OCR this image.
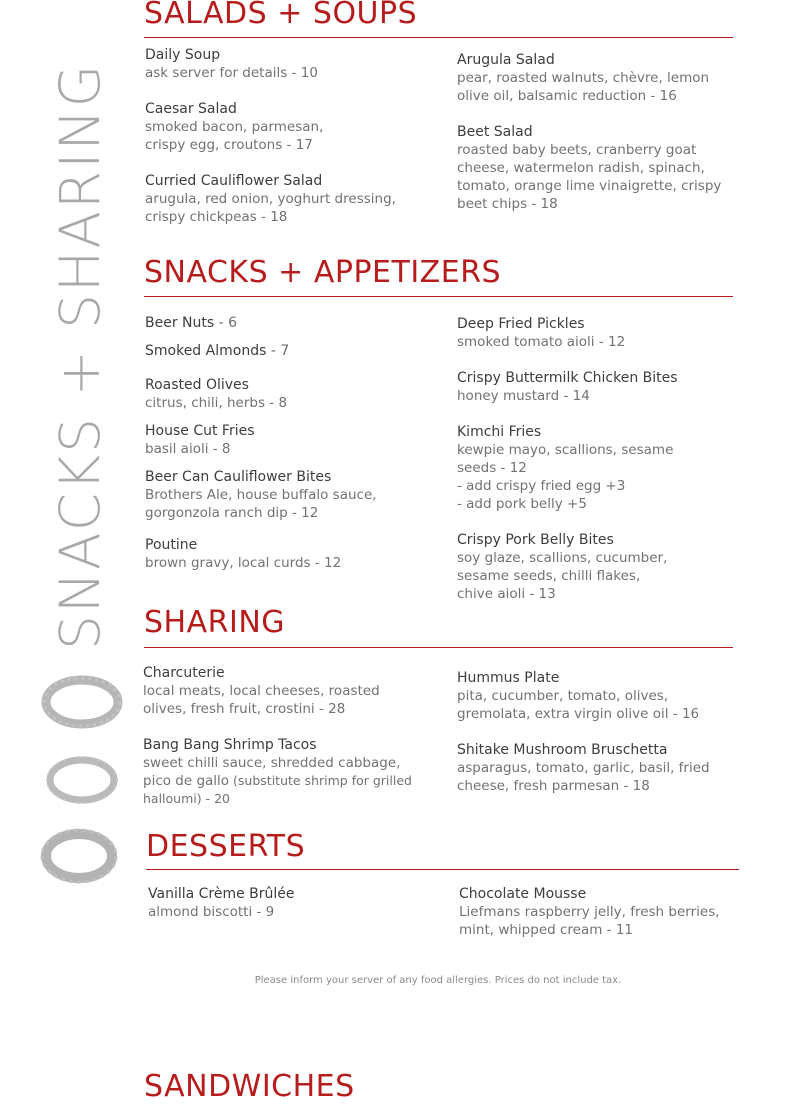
SNACKS + SHARING
SALADS + SOUPS
Daily Soup
ask server for details - 10
Caesar Salad
smoked bacon, parmesan,
crispy egg, croutons - 17
Curried Cauliflower Salad
arugula, red onion, yoghurt dressing,
crispy chickpeas - 18
Arugula Salad
pear, roasted walnuts, chèvre, lemon
olive oil, balsamic reduction - 16
Beet Salad
roasted baby beets, cranberry goat
cheese, watermelon radish, spinach,
tomato, orange lime vinaigrette, crispy
beet chips - 18
SNACKS + APPETIZERS
Beer Nuts - 6
Smoked Almonds - 7
Roasted Olives
citrus, chili, herbs - 8
House Cut Fries
basil aioli - 8
Beer Can Cauliflower Bites
Brothers Ale, house buffalo sauce,
gorgonzola ranch dip - 12
Poutine
brown gravy, local curds - 12
Deep Fried Pickles
smoked tomato aioli - 12
Crispy Buttermilk Chicken Bites
honey mustard - 14
Kimchi Fries
kewpie mayo, scallions, sesame
seeds - 12
- add crispy fried egg +3
- add pork belly +5
Crispy Pork Belly Bites
soy glaze, scallions, cucumber,
sesame seeds, chilli flakes,
chive aioli - 13
SHARING
Charcuterie
local meats, local cheeses, roasted
olives, fresh fruit, crostini - 28
Bang Bang Shrimp Tacos
sweet chilli sauce, shredded cabbage,
pico de gallo (substitute shrimp for grilled
halloumi) - 20
Hummus Plate
pita, cucumber, tomato, olives,
gremolata, extra virgin olive oil - 16
Shitake Mushroom Bruschetta
asparagus, tomato, garlic, basil, fried
cheese, fresh parmesan - 18
DESSERTS
Vanilla Crème Brûlée
almond biscotti - 9
Chocolate Mousse
Liefmans raspberry jelly, fresh berries,
mint, whipped cream - 11
Please inform your server of any food allergies. Prices do not include tax.
SANDWICHES
